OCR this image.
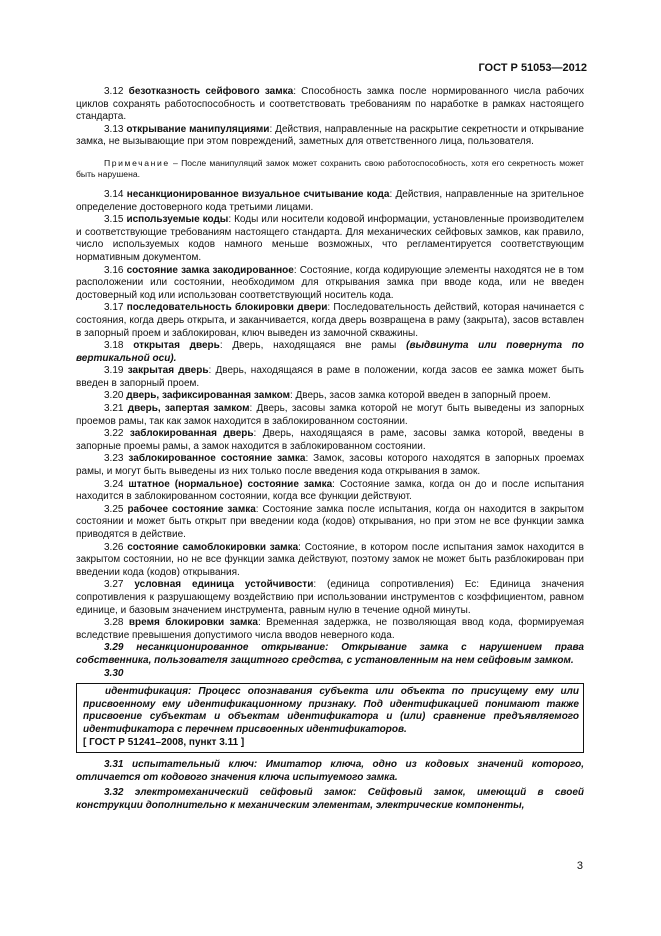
ГОСТ Р 51053—2012

3.12 безотказность сейфового замка: Способность замка после нормированного числа рабочих циклов сохранять работоспособность и соответствовать требованиям по наработке в рамках настоящего стандарта.

3.13 открывание манипуляциями: Действия, направленные на раскрытие секретности и открывание замка, не вызывающие при этом повреждений, заметных для ответственного лица, пользователя.

Примечание – После манипуляций замок может сохранить свою работоспособность, хотя его секретность может быть нарушена.

3.14 несанкционированное визуальное считывание кода: Действия, направленные на зрительное определение достоверного кода третьими лицами.

3.15 используемые коды: Коды или носители кодовой информации, установленные производителем и соответствующие требованиям настоящего стандарта. Для механических сейфовых замков, как правило, число используемых кодов намного меньше возможных, что регламентируется соответствующим нормативным документом.

3.16 состояние замка закодированное: Состояние, когда кодирующие элементы находятся не в том расположении или состоянии, необходимом для открывания замка при вводе кода, или не введен достоверный код или использован соответствующий носитель кода.

3.17 последовательность блокировки двери: Последовательность действий, которая начинается с состояния, когда дверь открыта, и заканчивается, когда дверь возвращена в раму (закрыта), засов вставлен в запорный проем и заблокирован, ключ выведен из замочной скважины.

3.18 открытая дверь: Дверь, находящаяся вне рамы (выдвинута или повернута по вертикальной оси).

3.19 закрытая дверь: Дверь, находящаяся в раме в положении, когда засов ее замка может быть введен в запорный проем.

3.20 дверь, зафиксированная замком: Дверь, засов замка которой введен в запорный проем.

3.21 дверь, запертая замком: Дверь, засовы замка которой не могут быть выведены из запорных проемов рамы, так как замок находится в заблокированном состоянии.

3.22 заблокированная дверь: Дверь, находящаяся в раме, засовы замка которой, введены в запорные проемы рамы, а замок находится в заблокированном состоянии.

3.23 заблокированное состояние замка: Замок, засовы которого находятся в запорных проемах рамы, и могут быть выведены из них только после введения кода открывания в замок.

3.24 штатное (нормальное) состояние замка: Состояние замка, когда он до и после испытания находится в заблокированном состоянии, когда все функции действуют.

3.25 рабочее состояние замка: Состояние замка после испытания, когда он находится в закрытом состоянии и может быть открыт при введении кода (кодов) открывания, но при этом не все функции замка приводятся в действие.

3.26 состояние самоблокировки замка: Состояние, в котором после испытания замок находится в закрытом состоянии, но не все функции замка действуют, поэтому замок не может быть разблокирован при введении кода (кодов) открывания.

3.27 условная единица устойчивости: (единица сопротивления) Ес: Единица значения сопротивления к разрушающему воздействию при использовании инструментов с коэффициентом, равном единице, и базовым значением инструмента, равным нулю в течение одной минуты.

3.28 время блокировки замка: Временная задержка, не позволяющая ввод кода, формируемая вследствие превышения допустимого числа вводов неверного кода.

3.29 несанкционированное открывание: Открывание замка с нарушением права собственника, пользователя защитного средства, с установленным на нем сейфовым замком.

3.30

идентификация: Процесс опознавания субъекта или объекта по присущему ему или присвоенному ему идентификационному признаку. Под идентификацией понимают также присвоение субъектам и объектам идентификатора и (или) сравнение предъявляемого идентификатора с перечнем присвоенных идентификаторов.

[ ГОСТ Р 51241–2008, пункт 3.11 ]

3.31 испытательный ключ: Имитатор ключа, одно из кодовых значений которого, отличается от кодового значения ключа испытуемого замка.

3.32 электромеханический сейфовый замок: Сейфовый замок, имеющий в своей конструкции дополнительно к механическим элементам, электрические компоненты,

3
